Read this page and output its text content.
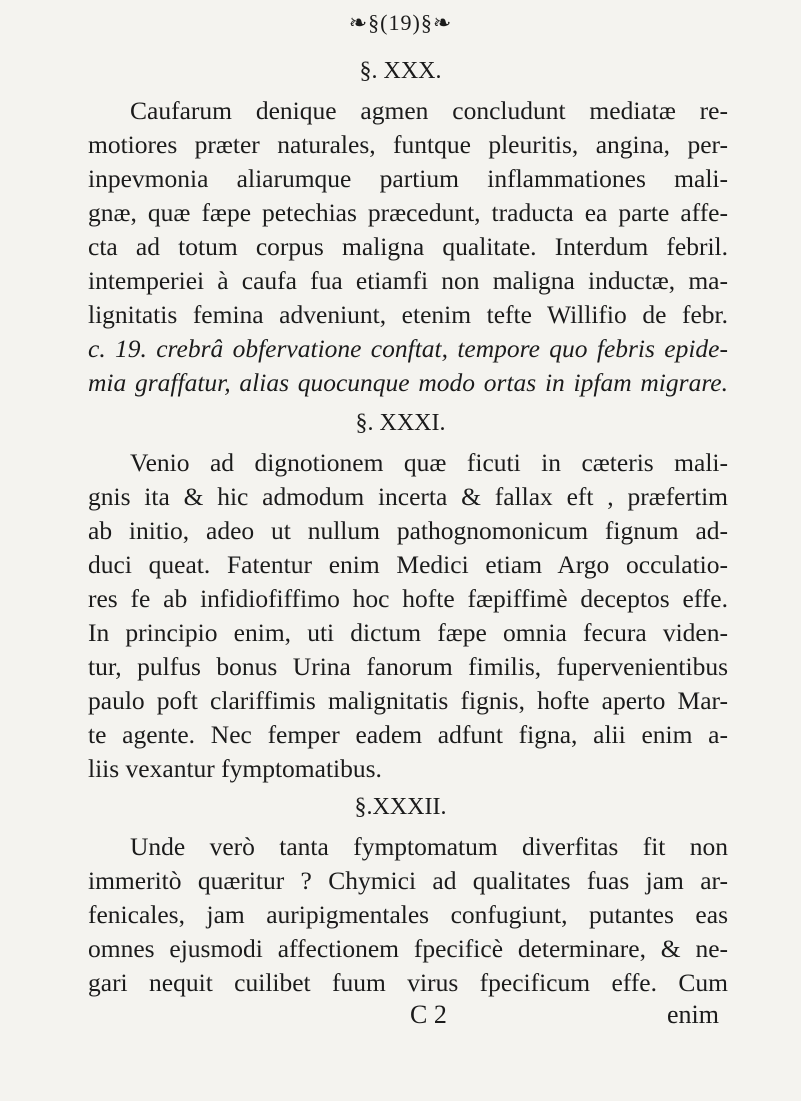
❧§(19)§❧
§. XXX.
Caufarum denique agmen concludunt mediatæ re-
motiores præter naturales, funtque pleuritis, angina, per-
inpevmonia aliarumque partium inflammationes mali-
gnæ, quæ fæpe petechias præcedunt, traducta ea parte affe-
cta ad totum corpus maligna qualitate. Interdum febril.
intemperiei à caufa fua etiamfi non maligna inductæ, ma-
lignitatis femina adveniunt, etenim tefte Willifio de febr.
c. 19. crebrâ obfervatione conftat, tempore quo febris epide-
mia graffatur, alias quocunque modo ortas in ipfam migrare.
§. XXXI.
Venio ad dignotionem quæ ficuti in cæteris mali-
gnis ita & hic admodum incerta & fallax eft , præfertim
ab initio, adeo ut nullum pathognomonicum fignum ad-
duci queat. Fatentur enim Medici etiam Argo occulatio-
res fe ab infidiofiffimo hoc hofte fæpiffimè deceptos effe.
In principio enim, uti dictum fæpe omnia fecura viden-
tur, pulfus bonus Urina fanorum fimilis, fupervenientibus
paulo poft clariffimis malignitatis fignis, hofte aperto Mar-
te agente. Nec femper eadem adfunt figna, alii enim a-
liis vexantur fymptomatibus.
§.XXXII.
Unde verò tanta fymptomatum diverfitas fit non
immeritò quæritur ? Chymici ad qualitates fuas jam ar-
fenicales, jam auripigmentales confugiunt, putantes eas
omnes ejusmodi affectionem fpecificè determinare, & ne-
gari nequit cuilibet fuum virus fpecificum effe. Cum
C 2	enim
